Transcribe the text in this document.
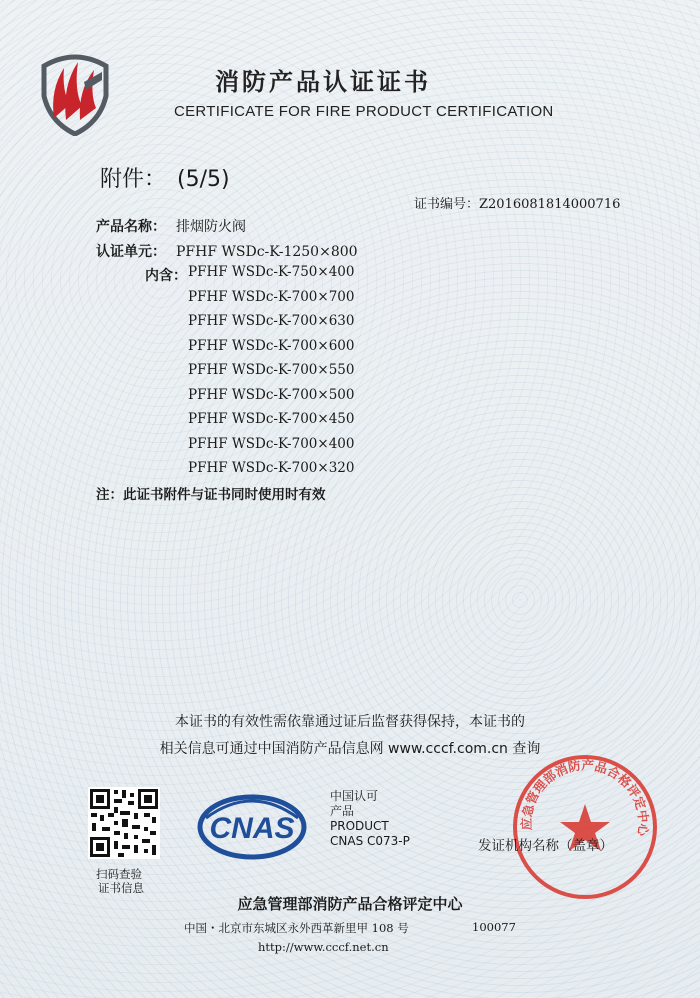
消防产品认证证书
CERTIFICATE FOR FIRE PRODUCT CERTIFICATION
附件：　(5/5)
证书编号：Z2016081814000716
产品名称： 排烟防火阀
认证单元： PFHF WSDc-K-1250×800
内含： PFHF WSDc-K-750×400
PFHF WSDc-K-700×700
PFHF WSDc-K-700×630
PFHF WSDc-K-700×600
PFHF WSDc-K-700×550
PFHF WSDc-K-700×500
PFHF WSDc-K-700×450
PFHF WSDc-K-700×400
PFHF WSDc-K-700×320
注：此证书附件与证书同时使用时有效
本证书的有效性需依靠通过证后监督获得保持，本证书的
相关信息可通过中国消防产品信息网 www.cccf.com.cn 查询
扫码查验
证书信息
CNAS
中国认可
产品
PRODUCT
CNAS C073-P
应急管理部消防产品合格评定中心
发证机构名称（盖章）
应急管理部消防产品合格评定中心
中国・北京市东城区永外西革新里甲 108 号	100077
http://www.cccf.net.cn
